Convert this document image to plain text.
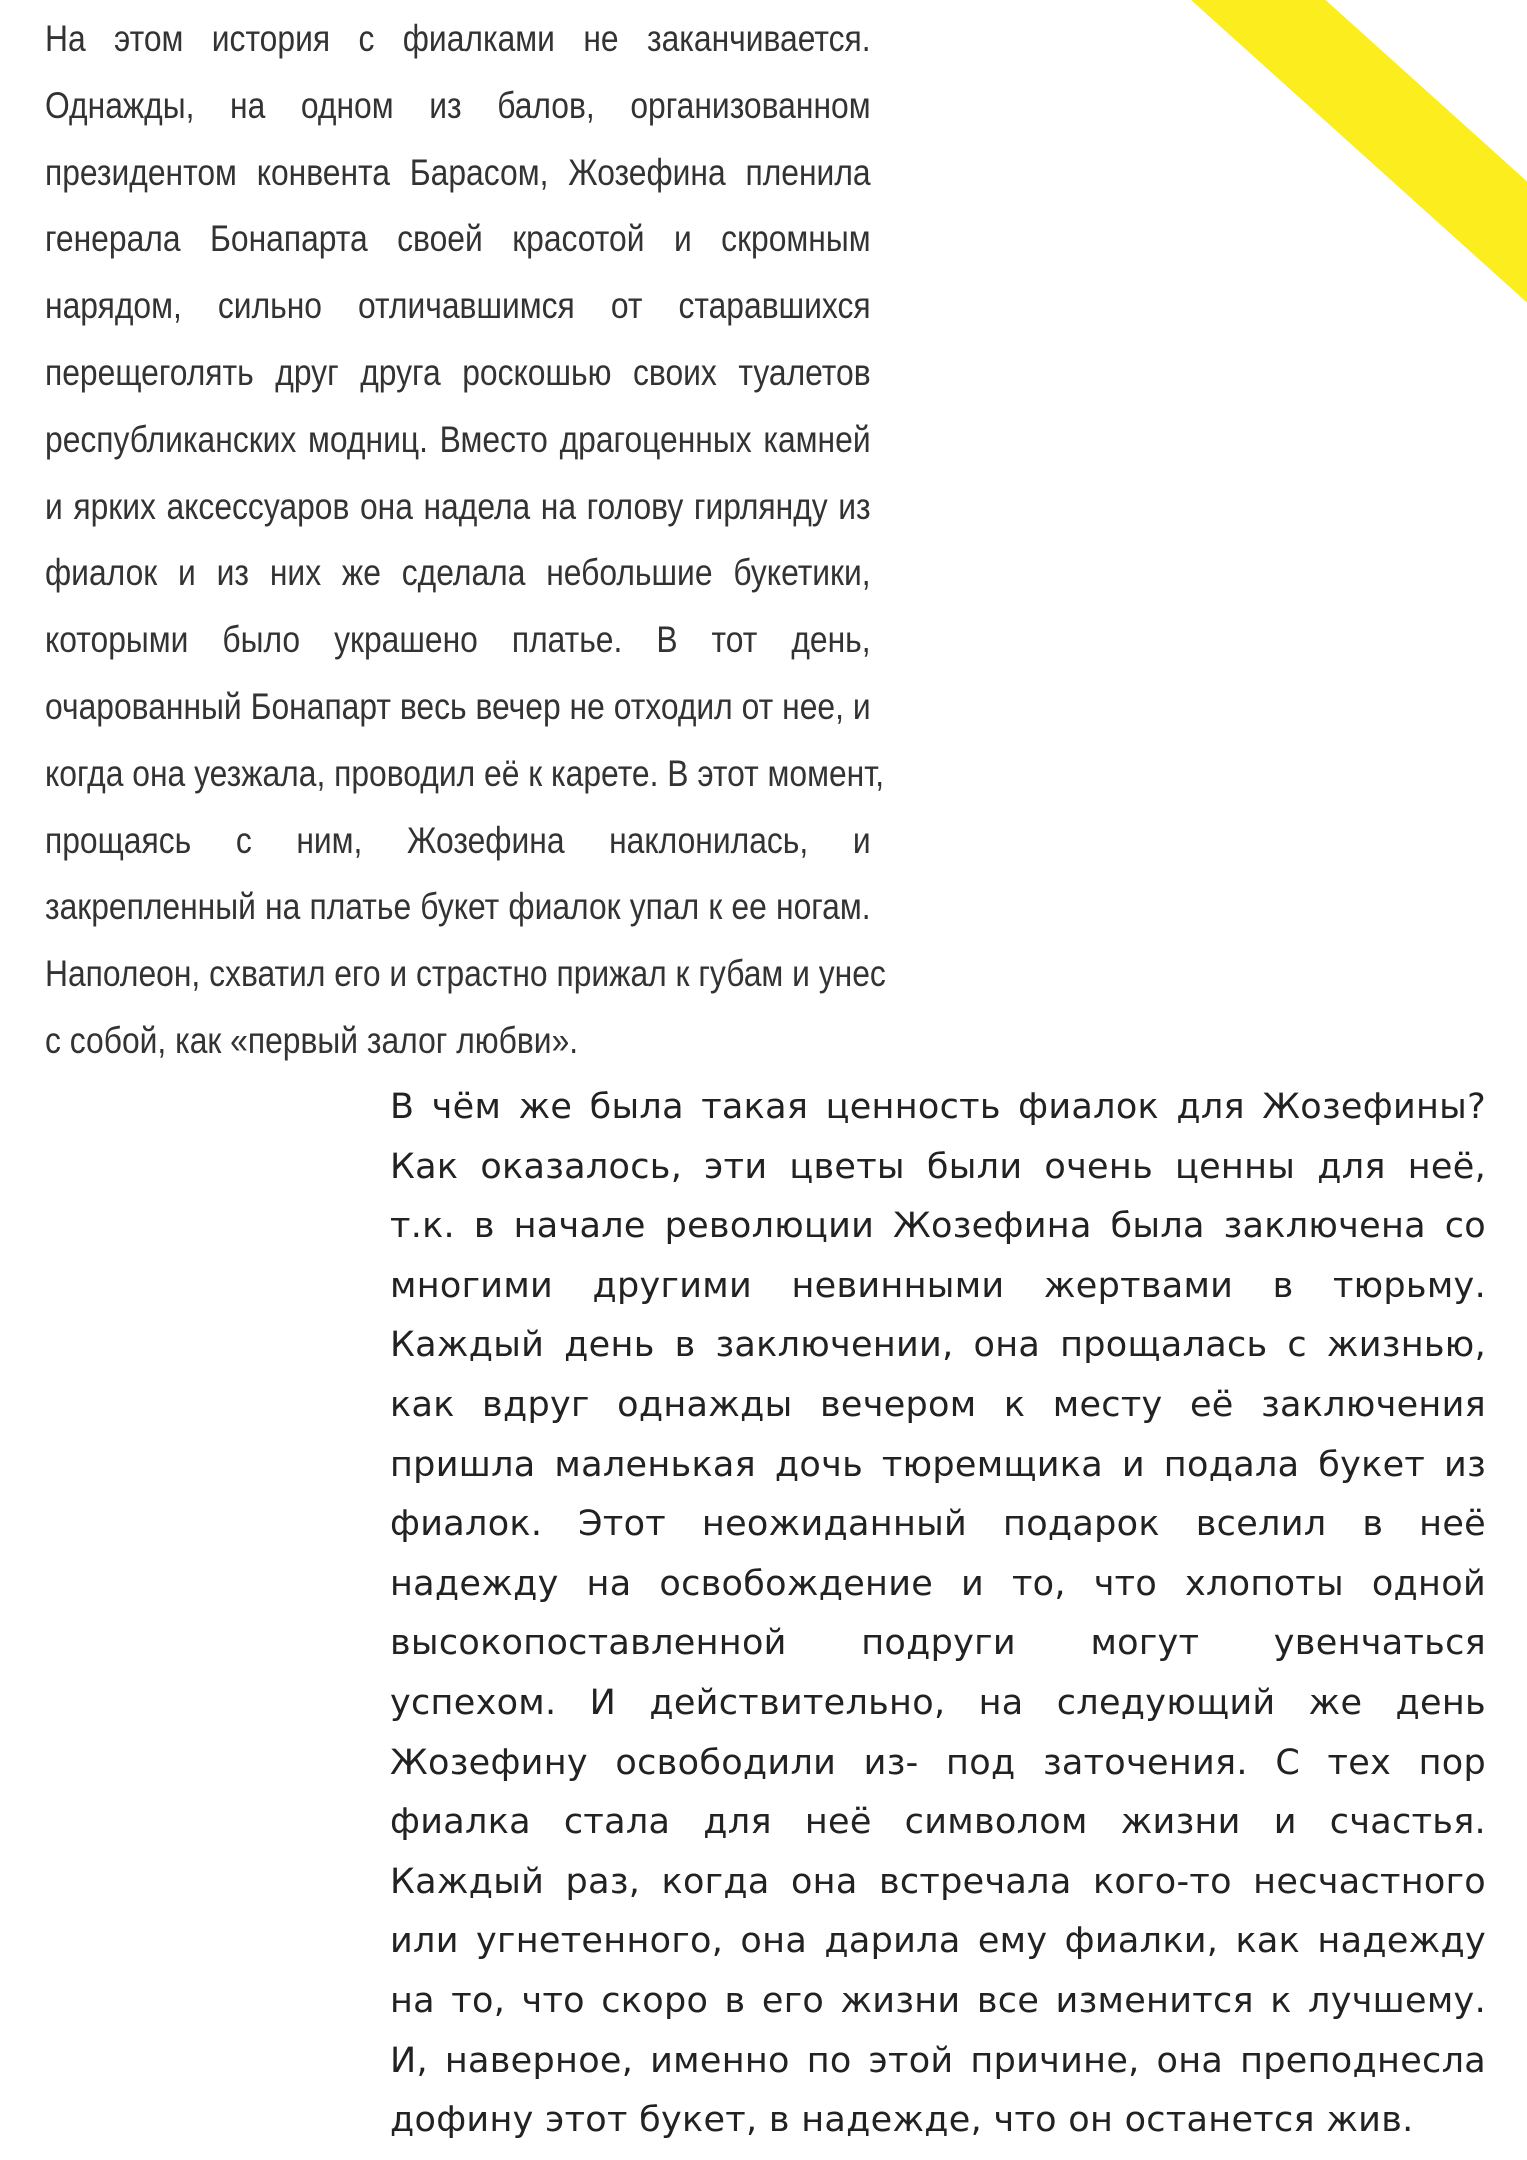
На этом история с фиалками не заканчивается.
Однажды, на одном из балов, организованном
президентом конвента Барасом, Жозефина пленила
генерала Бонапарта своей красотой и скромным
нарядом, сильно отличавшимся от старавшихся
перещеголять друг друга роскошью своих туалетов
республиканских модниц. Вместо драгоценных камней
и ярких аксессуаров она надела на голову гирлянду из
фиалок и из них же сделала небольшие букетики,
которыми было украшено платье. В тот день,
очарованный Бонапарт весь вечер не отходил от нее, и
когда она уезжала, проводил её к карете. В этот момент,
прощаясь с ним, Жозефина наклонилась, и
закрепленный на платье букет фиалок упал к ее ногам.
Наполеон, схватил его и страстно прижал к губам и унес
с собой, как «первый залог любви».
В чём же была такая ценность фиалок для Жозефины?
Как оказалось, эти цветы были очень ценны для неё,
т.к. в начале революции Жозефина была заключена со
многими другими невинными жертвами в тюрьму.
Каждый день в заключении, она прощалась с жизнью,
как вдруг однажды вечером к месту её заключения
пришла маленькая дочь тюремщика и подала букет из
фиалок. Этот неожиданный подарок вселил в неё
надежду на освобождение и то, что хлопоты одной
высокопоставленной подруги могут увенчаться
успехом. И действительно, на следующий же день
Жозефину освободили из- под заточения. С тех пор
фиалка стала для неё символом жизни и счастья.
Каждый раз, когда она встречала кого-то несчастного
или угнетенного, она дарила ему фиалки, как надежду
на то, что скоро в его жизни все изменится к лучшему.
И, наверное, именно по этой причине, она преподнесла
дофину этот букет, в надежде, что он останется жив.
